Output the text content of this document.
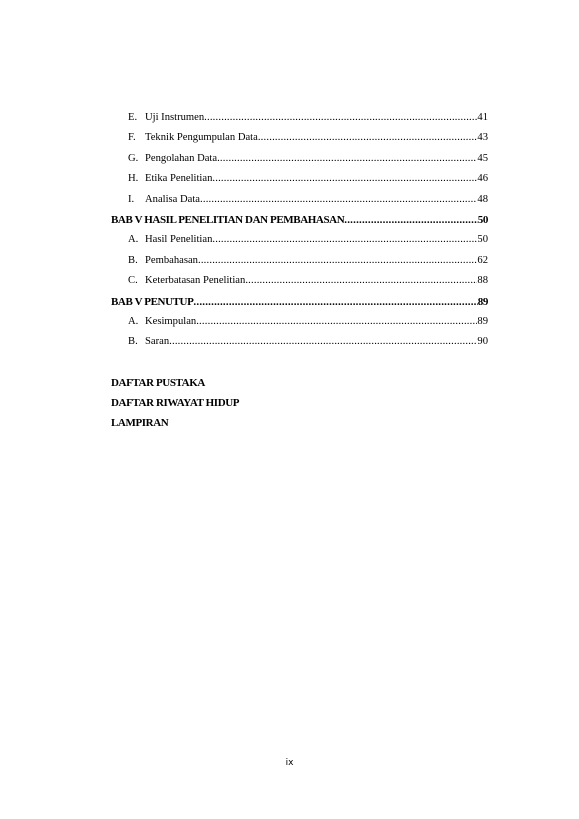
E. Uji Instrumen .....	41
F. Teknik Pengumpulan Data .....	43
G. Pengolahan Data .....	45
H. Etika Penelitian .....	46
I.	Analisa Data .....	48
BAB V HASIL PENELITIAN DAN PEMBAHASAN .....	50
A. Hasil Penelitian .....	50
B. Pembahasan .....	62
C. Keterbatasan Penelitian .....	88
BAB V PENUTUP .....	89
A. Kesimpulan .....	89
B. Saran .....	90
DAFTAR PUSTAKA
DAFTAR RIWAYAT HIDUP
LAMPIRAN
ix
